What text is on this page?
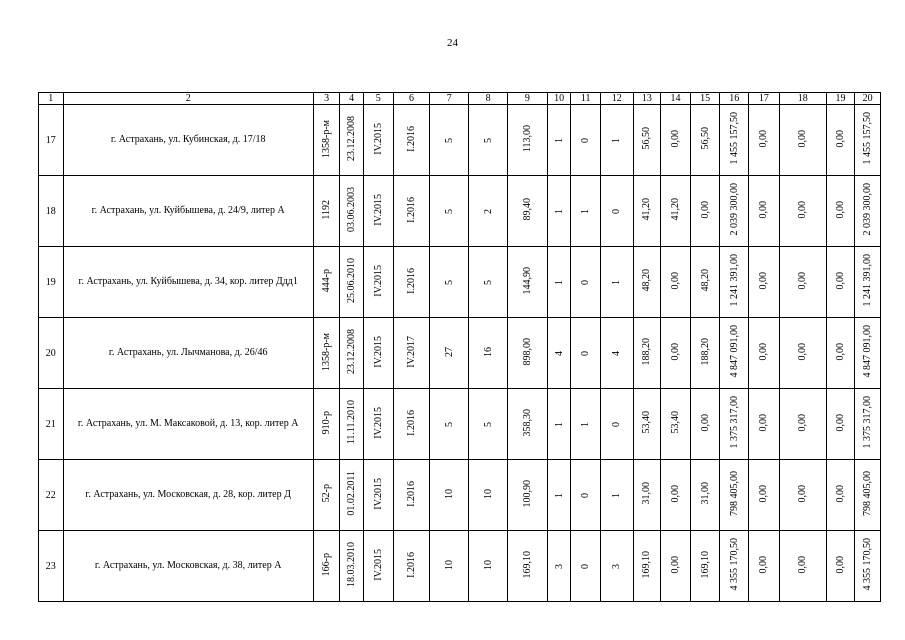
24
1	2	3	4	5	6	7	8	9	10	11	12	13	14	15	16	17	18	19	20
17	г. Астрахань, ул. Кубинская, д. 17/18	1358-р-м	23.12.2008	IV.2015	I.2016	5	5	113,00	1	0	1	56,50	0,00	56,50	1 455 157,50	0,00	0,00	0,00	1 455 157,50
18	г. Астрахань, ул. Куйбышева, д. 24/9, литер А	1192	03.06.2003	IV.2015	I.2016	5	2	89,40	1	1	0	41,20	41,20	0,00	2 039 300,00	0,00	0,00	0,00	2 039 300,00
19	г. Астрахань, ул. Куйбышева, д. 34, кор. литер Ддд1	444-р	25.06.2010	IV.2015	I.2016	5	5	144,90	1	0	1	48,20	0,00	48,20	1 241 391,00	0,00	0,00	0,00	1 241 391,00
20	г. Астрахань, ул. Лычманова, д. 26/46	1358-р-м	23.12.2008	IV.2015	IV.2017	27	16	898,00	4	0	4	188,20	0,00	188,20	4 847 091,00	0,00	0,00	0,00	4 847 091,00
21	г. Астрахань, ул. М. Максаковой, д. 13, кор. литер А	910-р	11.11.2010	IV.2015	I.2016	5	5	358,30	1	1	0	53,40	53,40	0,00	1 375 317,00	0,00	0,00	0,00	1 375 317,00
22	г. Астрахань, ул. Московская, д. 28, кор. литер Д	52-р	01.02.2011	IV.2015	I.2016	10	10	100,90	1	0	1	31,00	0,00	31,00	798 405,00	0,00	0,00	0,00	798 405,00
23	г. Астрахань, ул. Московская, д. 38, литер А	166-р	18.03.2010	IV.2015	I.2016	10	10	169,10	3	0	3	169,10	0,00	169,10	4 355 170,50	0,00	0,00	0,00	4 355 170,50
